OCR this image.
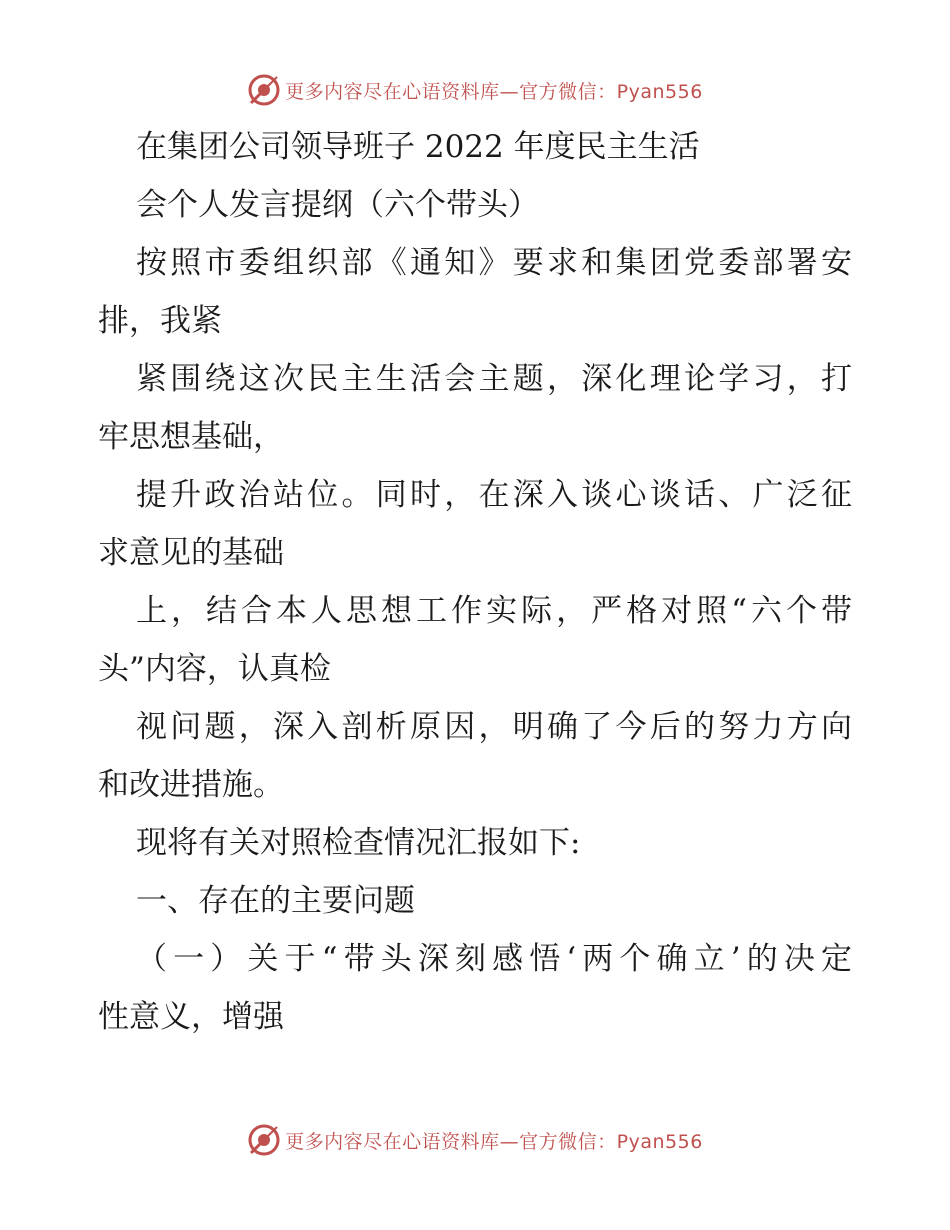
更多内容尽在心语资料库—官方微信：Pyan556
在集团公司领导班子 2022 年度民主生活
会个人发言提纲（六个带头）
按照市委组织部《通知》要求和集团党委部署安
排，我紧
紧围绕这次民主生活会主题，深化理论学习，打
牢思想基础，
提升政治站位。同时，在深入谈心谈话、广泛征
求意见的基础
上，结合本人思想工作实际，严格对照“六个带
头”内容，认真检
视问题，深入剖析原因，明确了今后的努力方向
和改进措施。
现将有关对照检查情况汇报如下:
一、存在的主要问题
（一）关于“带头深刻感悟‘两个确立’的决定
性意义，增强
更多内容尽在心语资料库—官方微信：Pyan556
